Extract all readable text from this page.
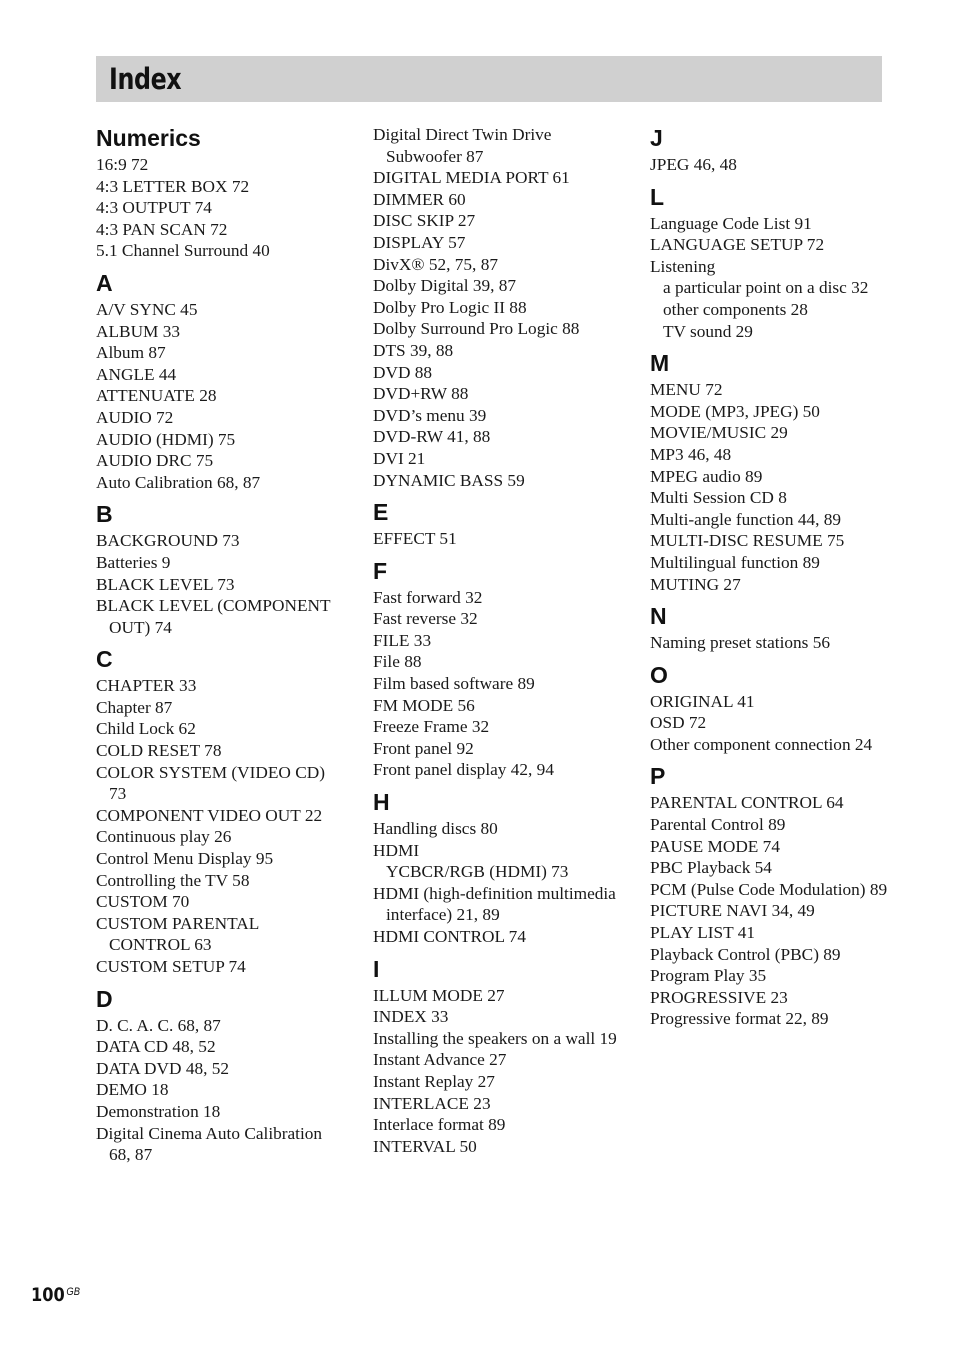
Index
Numerics
16:9 72
4:3 LETTER BOX 72
4:3 OUTPUT 74
4:3 PAN SCAN 72
5.1 Channel Surround 40
A
A/V SYNC 45
ALBUM 33
Album 87
ANGLE 44
ATTENUATE 28
AUDIO 72
AUDIO (HDMI) 75
AUDIO DRC 75
Auto Calibration 68, 87
B
BACKGROUND 73
Batteries 9
BLACK LEVEL 73
BLACK LEVEL (COMPONENT OUT) 74
C
CHAPTER 33
Chapter 87
Child Lock 62
COLD RESET 78
COLOR SYSTEM (VIDEO CD) 73
COMPONENT VIDEO OUT 22
Continuous play 26
Control Menu Display 95
Controlling the TV 58
CUSTOM 70
CUSTOM PARENTAL CONTROL 63
CUSTOM SETUP 74
D
D. C. A. C. 68, 87
DATA CD 48, 52
DATA DVD 48, 52
DEMO 18
Demonstration 18
Digital Cinema Auto Calibration 68, 87
Digital Direct Twin Drive Subwoofer 87
DIGITAL MEDIA PORT 61
DIMMER 60
DISC SKIP 27
DISPLAY 57
DivX® 52, 75, 87
Dolby Digital 39, 87
Dolby Pro Logic II 88
Dolby Surround Pro Logic 88
DTS 39, 88
DVD 88
DVD+RW 88
DVD’s menu 39
DVD-RW 41, 88
DVI 21
DYNAMIC BASS 59
E
EFFECT 51
F
Fast forward 32
Fast reverse 32
FILE 33
File 88
Film based software 89
FM MODE 56
Freeze Frame 32
Front panel 92
Front panel display 42, 94
H
Handling discs 80
HDMI
YCBCR/RGB (HDMI) 73
HDMI (high-definition multimedia interface) 21, 89
HDMI CONTROL 74
I
ILLUM MODE 27
INDEX 33
Installing the speakers on a wall 19
Instant Advance 27
Instant Replay 27
INTERLACE 23
Interlace format 89
INTERVAL 50
J
JPEG 46, 48
L
Language Code List 91
LANGUAGE SETUP 72
Listening
a particular point on a disc 32
other components 28
TV sound 29
M
MENU 72
MODE (MP3, JPEG) 50
MOVIE/MUSIC 29
MP3 46, 48
MPEG audio 89
Multi Session CD 8
Multi-angle function 44, 89
MULTI-DISC RESUME 75
Multilingual function 89
MUTING 27
N
Naming preset stations 56
O
ORIGINAL 41
OSD 72
Other component connection 24
P
PARENTAL CONTROL 64
Parental Control 89
PAUSE MODE 74
PBC Playback 54
PCM (Pulse Code Modulation) 89
PICTURE NAVI 34, 49
PLAY LIST 41
Playback Control (PBC) 89
Program Play 35
PROGRESSIVE 23
Progressive format 22, 89
100 $^{GB}$
